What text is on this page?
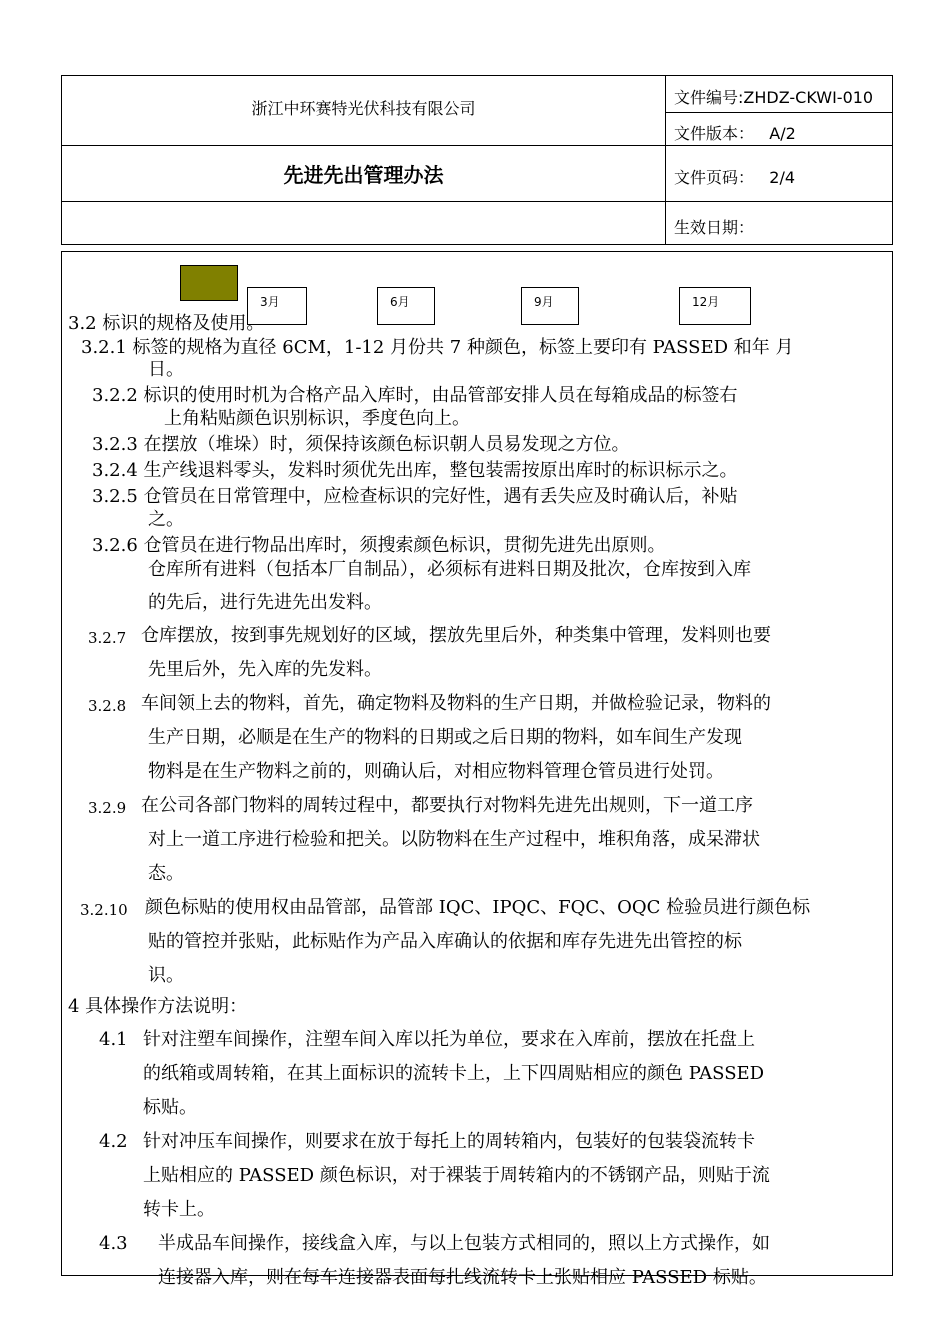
浙江中环赛特光伏科技有限公司
先进先出管理办法
文件编号:ZHDZ-CKWI-010
文件版本：   A/2
文件页码：   2/4
生效日期：
3月	6月	9月	12月
3.2 标识的规格及使用。
3.2.1 标签的规格为直径 6CM，1-12 月份共 7 种颜色，标签上要印有 PASSED 和年 月
日。
3.2.2 标识的使用时机为合格产品入库时，由品管部安排人员在每箱成品的标签右
上角粘贴颜色识别标识，季度色向上。
3.2.3 在摆放（堆垛）时，须保持该颜色标识朝人员易发现之方位。
3.2.4 生产线退料零头，发料时须优先出库，整包装需按原出库时的标识标示之。
3.2.5 仓管员在日常管理中，应检查标识的完好性，遇有丢失应及时确认后，补贴
之。
3.2.6 仓管员在进行物品出库时，须搜索颜色标识，贯彻先进先出原则。
仓库所有进料（包括本厂自制品），必须标有进料日期及批次，仓库按到入库
的先后，进行先进先出发料。
3.2.7 仓库摆放，按到事先规划好的区域，摆放先里后外，种类集中管理，发料则也要
先里后外，先入库的先发料。
3.2.8 车间领上去的物料，首先，确定物料及物料的生产日期，并做检验记录，物料的
生产日期，必顺是在生产的物料的日期或之后日期的物料，如车间生产发现
物料是在生产物料之前的，则确认后，对相应物料管理仓管员进行处罚。
3.2.9 在公司各部门物料的周转过程中，都要执行对物料先进先出规则，下一道工序
对上一道工序进行检验和把关。以防物料在生产过程中，堆积角落，成呆滞状
态。
3.2.10 颜色标贴的使用权由品管部，品管部 IQC、IPQC、FQC、OQC 检验员进行颜色标
贴的管控并张贴，此标贴作为产品入库确认的依据和库存先进先出管控的标
识。
4 具体操作方法说明：
4.1 针对注塑车间操作，注塑车间入库以托为单位，要求在入库前，摆放在托盘上
的纸箱或周转箱，在其上面标识的流转卡上，上下四周贴相应的颜色 PASSED
标贴。
4.2 针对冲压车间操作，则要求在放于每托上的周转箱内，包装好的包装袋流转卡
上贴相应的 PASSED 颜色标识，对于裸装于周转箱内的不锈钢产品，则贴于流
转卡上。
4.3 半成品车间操作，接线盒入库，与以上包装方式相同的，照以上方式操作，如
连接器入库，则在每车连接器表面每扎线流转卡上张贴相应 PASSED 标贴。
